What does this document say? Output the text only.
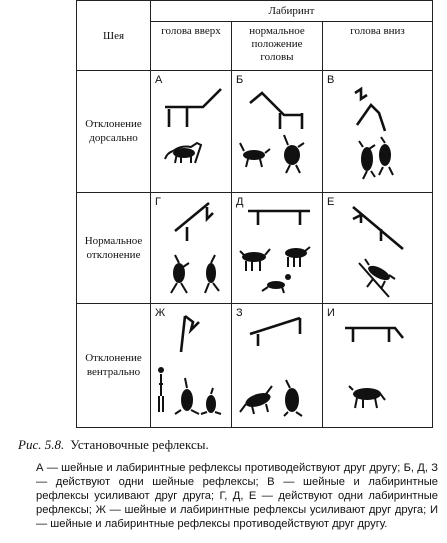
Шея	Лабиринт		
	голова вверх	нормальное
положение
головы	голова вниз
Отклонение
дорсально	А	Б	В

Нормальное
отклонение	Г	Д	Е

Отклонение
вентрально	Ж	З	И

Рис. 5.8. Установочные рефлексы.

А — шейные и лабиринтные рефлексы противодействуют друг другу; Б, Д, З — действуют одни шейные рефлексы; В — шейные и лабиринтные рефлексы усиливают друг друга; Г, Д, Е — действуют одни лабиринтные рефлексы; Ж — шейные и лабиринтные рефлексы усиливают друг друга; И — шейные и лабиринтные рефлексы противодействуют друг другу.
